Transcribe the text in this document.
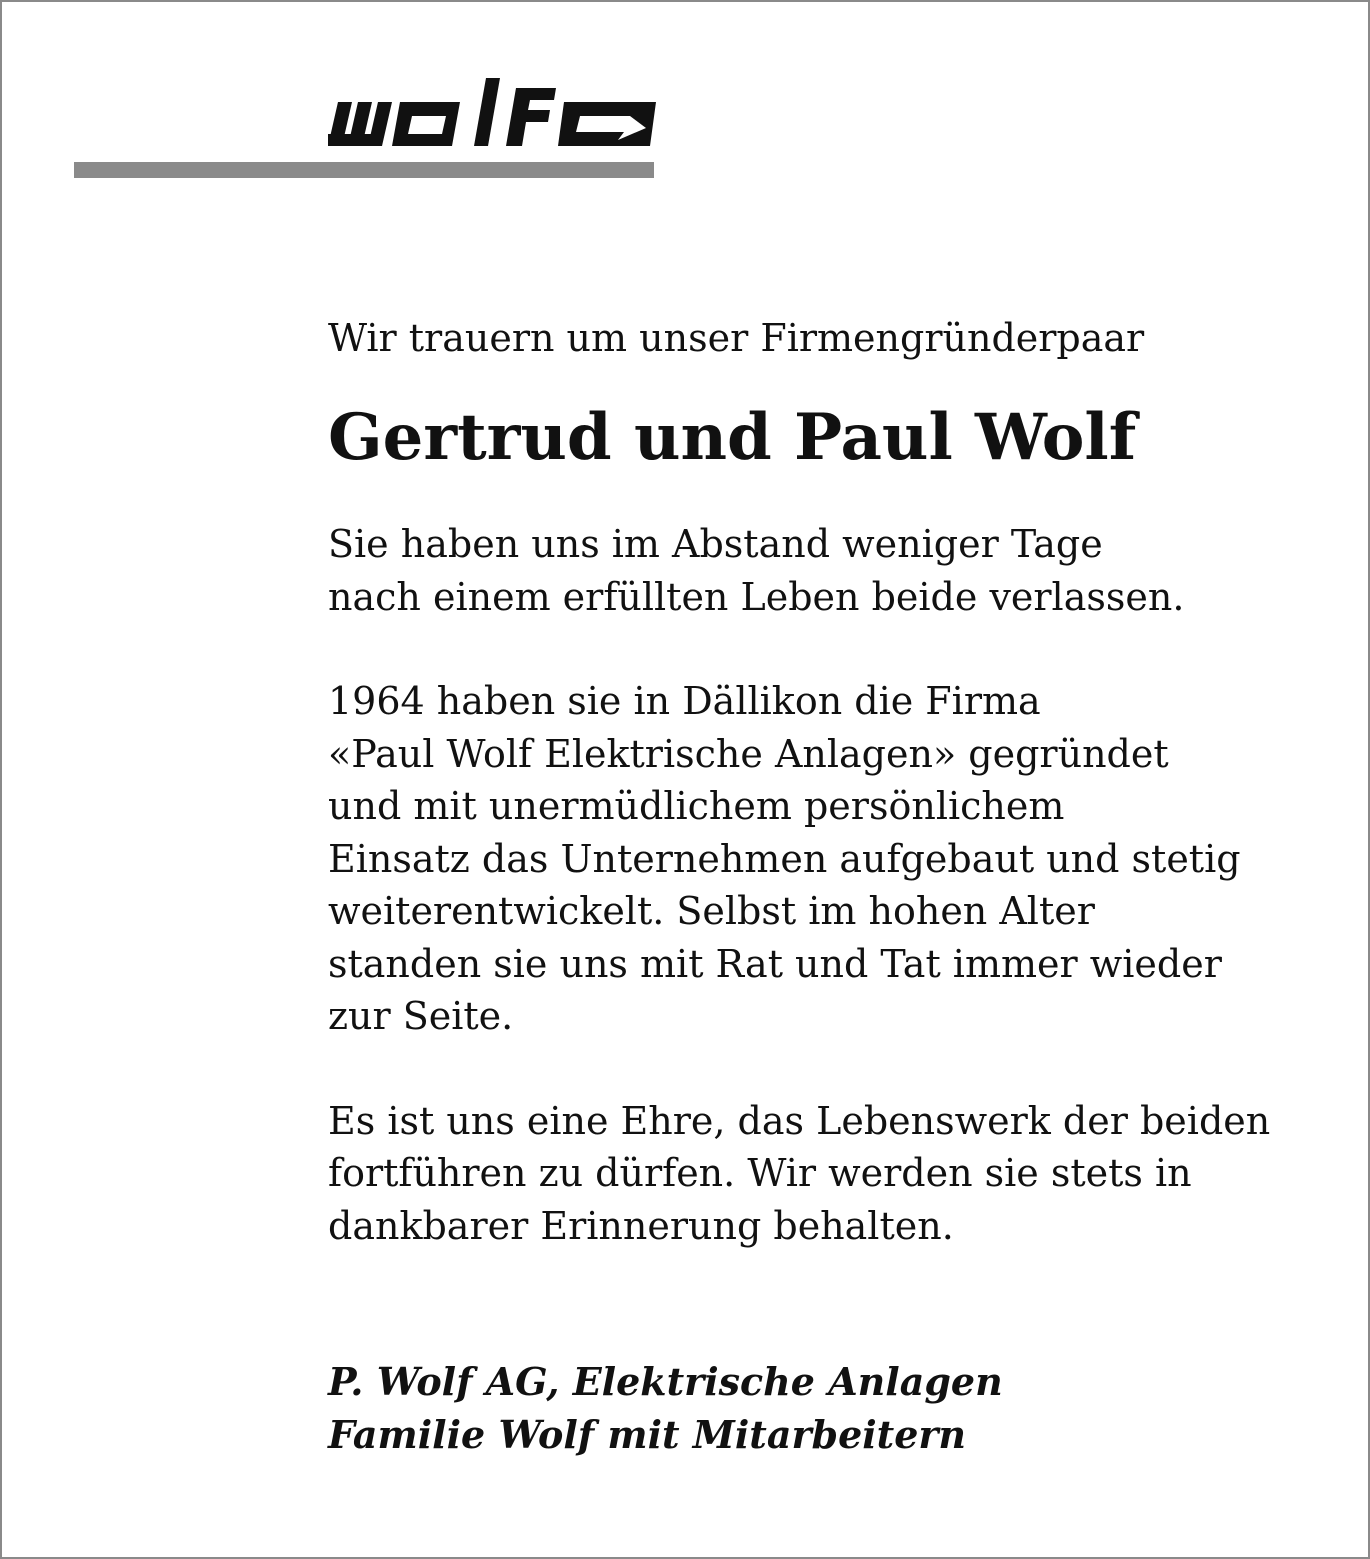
Wir trauern um unser Firmengründerpaar

Gertrud und Paul Wolf

Sie haben uns im Abstand weniger Tage
nach einem erfüllten Leben beide verlassen.

1964 haben sie in Dällikon die Firma
«Paul Wolf Elektrische Anlagen» gegründet
und mit unermüdlichem persönlichem
Einsatz das Unternehmen aufgebaut und stetig
weiterentwickelt. Selbst im hohen Alter
standen sie uns mit Rat und Tat immer wieder
zur Seite.

Es ist uns eine Ehre, das Lebenswerk der beiden
fortführen zu dürfen. Wir werden sie stets in
dankbarer Erinnerung behalten.

P. Wolf AG, Elektrische Anlagen
Familie Wolf mit Mitarbeitern
